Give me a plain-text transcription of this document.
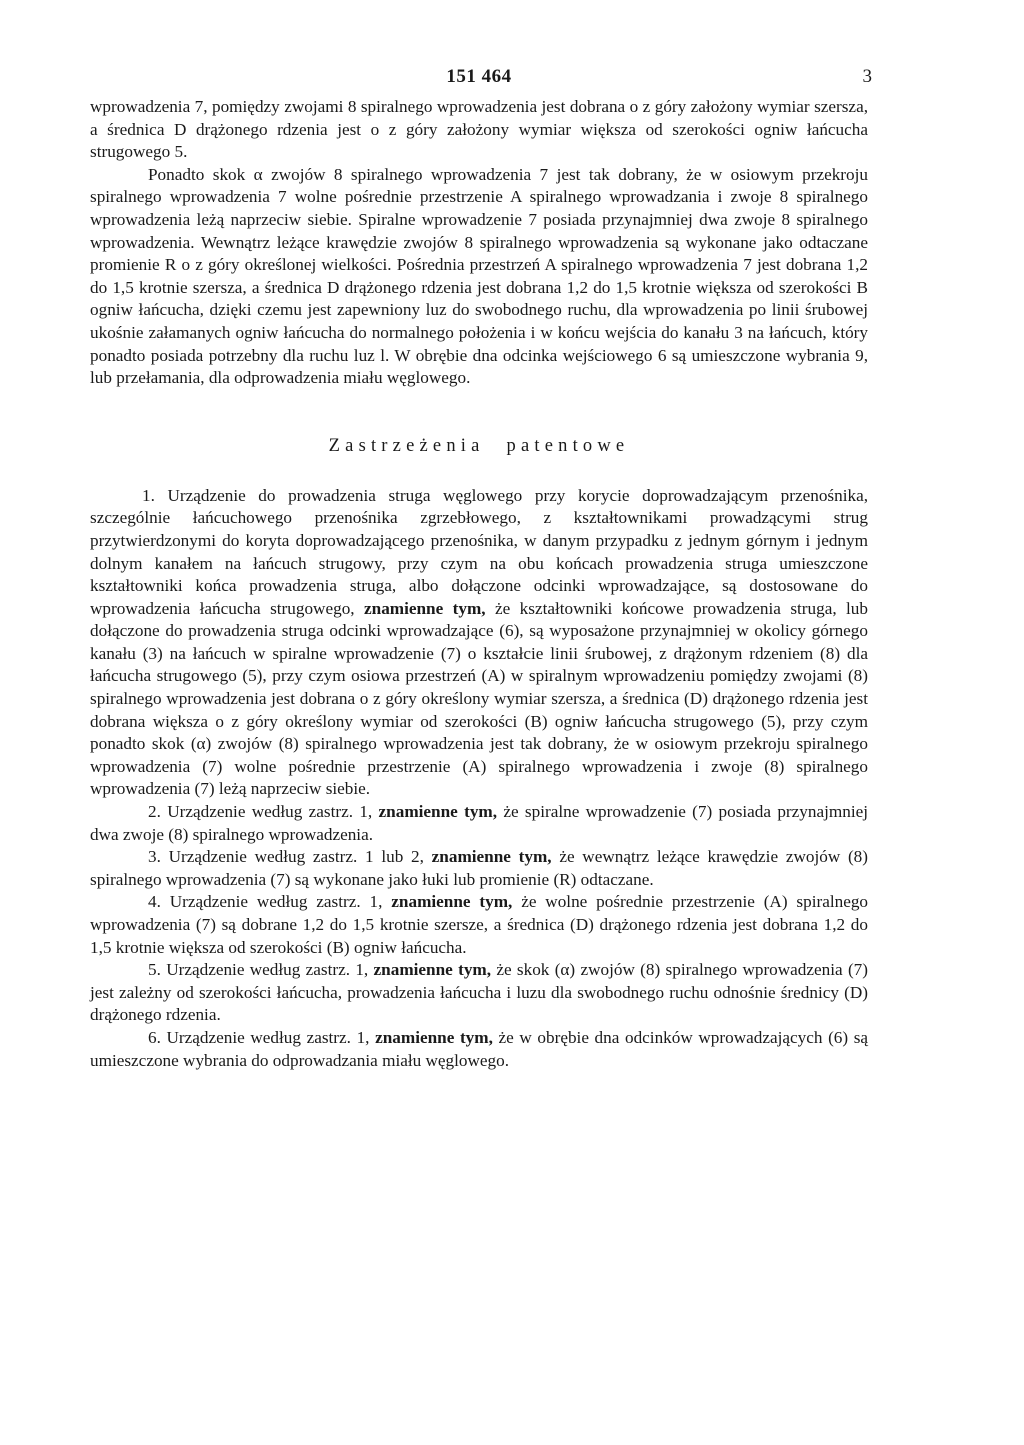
151 464	3

wprowadzenia 7, pomiędzy zwojami 8 spiralnego wprowadzenia jest dobrana o z góry założony wymiar szersza, a średnica D drążonego rdzenia jest o z góry założony wymiar większa od szerokości ogniw łańcucha strugowego 5.

Ponadto skok α zwojów 8 spiralnego wprowadzenia 7 jest tak dobrany, że w osiowym przekroju spiralnego wprowadzenia 7 wolne pośrednie przestrzenie A spiralnego wprowadzania i zwoje 8 spiralnego wprowadzenia leżą naprzeciw siebie. Spiralne wprowadzenie 7 posiada przynajmniej dwa zwoje 8 spiralnego wprowadzenia. Wewnątrz leżące krawędzie zwojów 8 spiralnego wprowadzenia są wykonane jako odtaczane promienie R o z góry określonej wielkości. Pośrednia przestrzeń A spiralnego wprowadzenia 7 jest dobrana 1,2 do 1,5 krotnie szersza, a średnica D drążonego rdzenia jest dobrana 1,2 do 1,5 krotnie większa od szerokości B ogniw łańcucha, dzięki czemu jest zapewniony luz do swobodnego ruchu, dla wprowadzenia po linii śrubowej ukośnie załamanych ogniw łańcucha do normalnego położenia i w końcu wejścia do kanału 3 na łańcuch, który ponadto posiada potrzebny dla ruchu luz l. W obrębie dna odcinka wejściowego 6 są umieszczone wybrania 9, lub przełamania, dla odprowadzenia miału węglowego.

Zastrzeżenia patentowe

1. Urządzenie do prowadzenia struga węglowego przy korycie doprowadzającym przenośnika, szczególnie łańcuchowego przenośnika zgrzebłowego, z kształtownikami prowadzącymi strug przytwierdzonymi do koryta doprowadzającego przenośnika, w danym przypadku z jednym górnym i jednym dolnym kanałem na łańcuch strugowy, przy czym na obu końcach prowadzenia struga umieszczone kształtowniki końca prowadzenia struga, albo dołączone odcinki wprowadzające, są dostosowane do wprowadzenia łańcucha strugowego, znamienne tym, że kształtowniki końcowe prowadzenia struga, lub dołączone do prowadzenia struga odcinki wprowadzające (6), są wyposażone przynajmniej w okolicy górnego kanału (3) na łańcuch w spiralne wprowadzenie (7) o kształcie linii śrubowej, z drążonym rdzeniem (8) dla łańcucha strugowego (5), przy czym osiowa przestrzeń (A) w spiralnym wprowadzeniu pomiędzy zwojami (8) spiralnego wprowadzenia jest dobrana o z góry określony wymiar szersza, a średnica (D) drążonego rdzenia jest dobrana większa o z góry określony wymiar od szerokości (B) ogniw łańcucha strugowego (5), przy czym ponadto skok (α) zwojów (8) spiralnego wprowadzenia jest tak dobrany, że w osiowym przekroju spiralnego wprowadzenia (7) wolne pośrednie przestrzenie (A) spiralnego wprowadzenia i zwoje (8) spiralnego wprowadzenia (7) leżą naprzeciw siebie.

2. Urządzenie według zastrz. 1, znamienne tym, że spiralne wprowadzenie (7) posiada przynajmniej dwa zwoje (8) spiralnego wprowadzenia.

3. Urządzenie według zastrz. 1 lub 2, znamienne tym, że wewnątrz leżące krawędzie zwojów (8) spiralnego wprowadzenia (7) są wykonane jako łuki lub promienie (R) odtaczane.

4. Urządzenie według zastrz. 1, znamienne tym, że wolne pośrednie przestrzenie (A) spiralnego wprowadzenia (7) są dobrane 1,2 do 1,5 krotnie szersze, a średnica (D) drążonego rdzenia jest dobrana 1,2 do 1,5 krotnie większa od szerokości (B) ogniw łańcucha.

5. Urządzenie według zastrz. 1, znamienne tym, że skok (α) zwojów (8) spiralnego wprowadzenia (7) jest zależny od szerokości łańcucha, prowadzenia łańcucha i luzu dla swobodnego ruchu odnośnie średnicy (D) drążonego rdzenia.

6. Urządzenie według zastrz. 1, znamienne tym, że w obrębie dna odcinków wprowadzających (6) są umieszczone wybrania do odprowadzania miału węglowego.
